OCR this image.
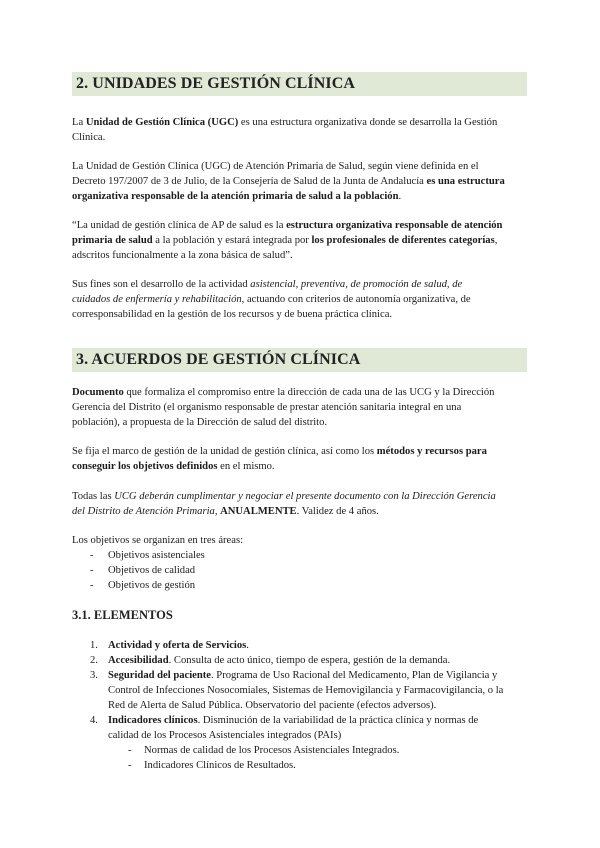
2. UNIDADES DE GESTIÓN CLÍNICA
La Unidad de Gestión Clínica (UGC) es una estructura organizativa donde se desarrolla la Gestión
Clínica.
La Unidad de Gestión Clínica (UGC) de Atención Primaria de Salud, según viene definida en el
Decreto 197/2007 de 3 de Julio, de la Consejería de Salud de la Junta de Andalucía es una estructura
organizativa responsable de la atención primaria de salud a la población.
“La unidad de gestión clínica de AP de salud es la estructura organizativa responsable de atención
primaria de salud a la población y estará integrada por los profesionales de diferentes categorías,
adscritos funcionalmente a la zona básica de salud”.
Sus fines son el desarrollo de la actividad asistencial, preventiva, de promoción de salud, de
cuidados de enfermería y rehabilitación, actuando con criterios de autonomía organizativa, de
corresponsabilidad en la gestión de los recursos y de buena práctica clínica.
3. ACUERDOS DE GESTIÓN CLÍNICA
Documento que formaliza el compromiso entre la dirección de cada una de las UCG y la Dirección
Gerencia del Distrito (el organismo responsable de prestar atención sanitaria integral en una
población), a propuesta de la Dirección de salud del distrito.
Se fija el marco de gestión de la unidad de gestión clínica, así como los métodos y recursos para
conseguir los objetivos definidos en el mismo.
Todas las UCG deberán cumplimentar y negociar el presente documento con la Dirección Gerencia
del Distrito de Atención Primaria, ANUALMENTE. Validez de 4 años.
Los objetivos se organizan en tres áreas:
- Objetivos asistenciales
- Objetivos de calidad
- Objetivos de gestión
3.1. ELEMENTOS
1. Actividad y oferta de Servicios.
2. Accesibilidad. Consulta de acto único, tiempo de espera, gestión de la demanda.
3. Seguridad del paciente. Programa de Uso Racional del Medicamento, Plan de Vigilancia y
Control de Infecciones Nosocomiales, Sistemas de Hemovigilancia y Farmacovigilancia, o la
Red de Alerta de Salud Pública. Observatorio del paciente (efectos adversos).
4. Indicadores clínicos. Disminución de la variabilidad de la práctica clínica y normas de
calidad de los Procesos Asistenciales integrados (PAIs)
- Normas de calidad de los Procesos Asistenciales Integrados.
- Indicadores Clínicos de Resultados.
